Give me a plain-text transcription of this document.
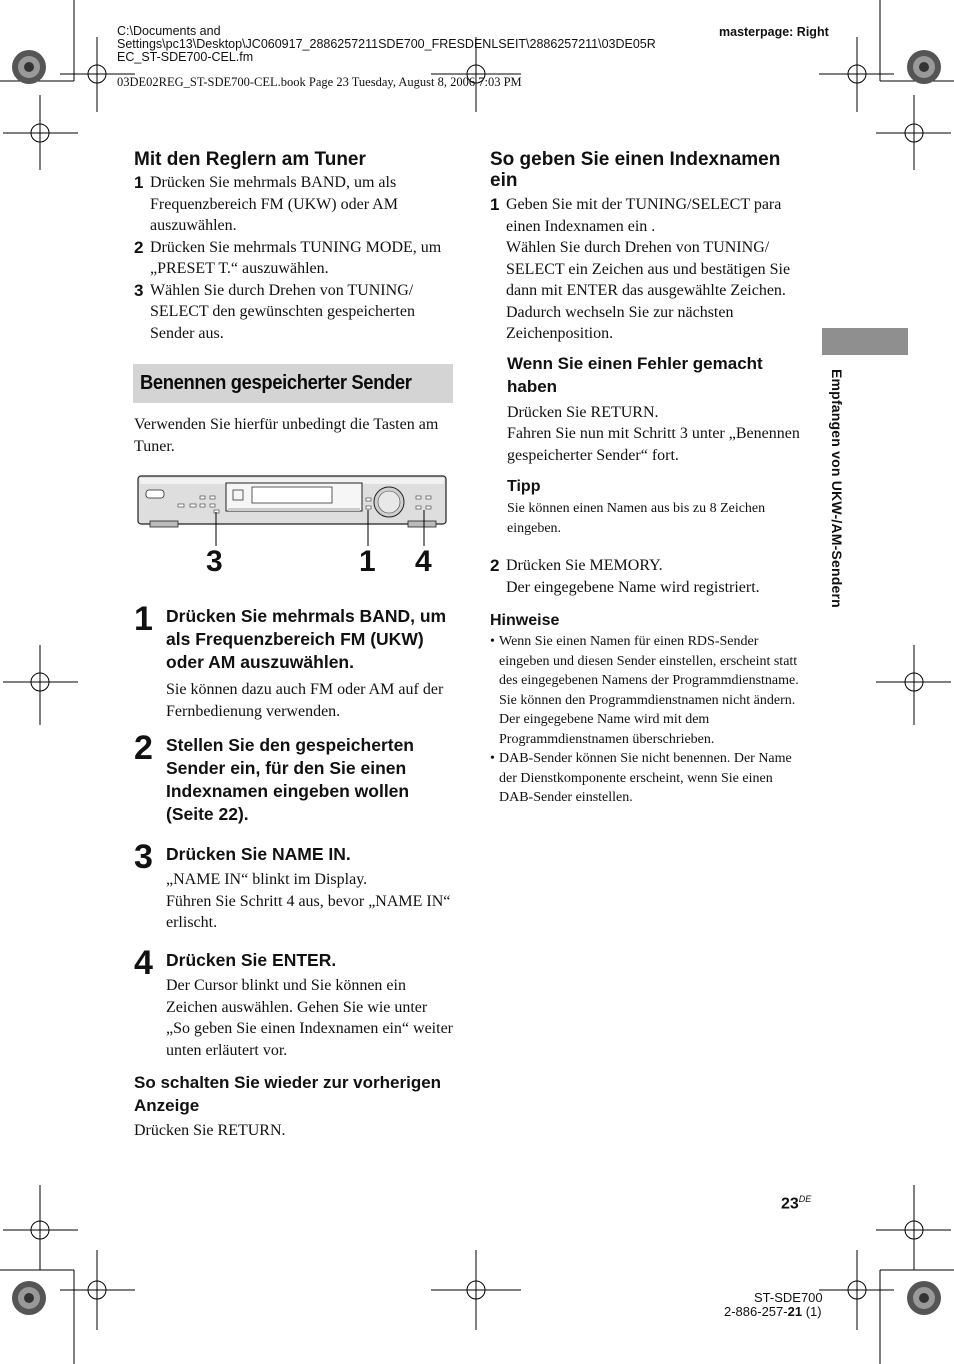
C:\Documents and
Settings\pc13\Desktop\JC060917_2886257211SDE700_FRESDENLSEIT\2886257211\03DE05R
EC_ST-SDE700-CEL.fm
masterpage: Right
03DE02REG_ST-SDE700-CEL.book Page 23 Tuesday, August 8, 2006 7:03 PM
Mit den Reglern am Tuner
1 Drücken Sie mehrmals BAND, um als Frequenzbereich FM (UKW) oder AM auszuwählen.
2 Drücken Sie mehrmals TUNING MODE, um „PRESET T.“ auszuwählen.
3 Wählen Sie durch Drehen von TUNING/ SELECT den gewünschten gespeicherten Sender aus.
Benennen gespeicherter Sender
Verwenden Sie hierfür unbedingt die Tasten am Tuner.
3	1 4
1 Drücken Sie mehrmals BAND, um als Frequenzbereich FM (UKW) oder AM auszuwählen.
Sie können dazu auch FM oder AM auf der Fernbedienung verwenden.
2 Stellen Sie den gespeicherten Sender ein, für den Sie einen Indexnamen eingeben wollen (Seite 22).
3 Drücken Sie NAME IN.
„NAME IN“ blinkt im Display.
Führen Sie Schritt 4 aus, bevor „NAME IN“ erlischt.
4 Drücken Sie ENTER.
Der Cursor blinkt und Sie können ein Zeichen auswählen. Gehen Sie wie unter „So geben Sie einen Indexnamen ein“ weiter unten erläutert vor.
So schalten Sie wieder zur vorherigen Anzeige
Drücken Sie RETURN.
So geben Sie einen Indexnamen ein
1 Geben Sie mit der TUNING/SELECT para einen Indexnamen ein .
Wählen Sie durch Drehen von TUNING/ SELECT ein Zeichen aus und bestätigen Sie dann mit ENTER das ausgewählte Zeichen. Dadurch wechseln Sie zur nächsten Zeichenposition.
Wenn Sie einen Fehler gemacht haben
Drücken Sie RETURN.
Fahren Sie nun mit Schritt 3 unter „Benennen gespeicherter Sender“ fort.
Tipp
Sie können einen Namen aus bis zu 8 Zeichen eingeben.
2 Drücken Sie MEMORY.
Der eingegebene Name wird registriert.
Hinweise
• Wenn Sie einen Namen für einen RDS-Sender eingeben und diesen Sender einstellen, erscheint statt des eingegebenen Namens der Programmdienstname. Sie können den Programmdienstnamen nicht ändern. Der eingegebene Name wird mit dem Programmdienstnamen überschrieben.
• DAB-Sender können Sie nicht benennen. Der Name der Dienstkomponente erscheint, wenn Sie einen DAB-Sender einstellen.
Empfangen von UKW-/AM-Sendern
23DE
ST-SDE700
2-886-257-21 (1)
